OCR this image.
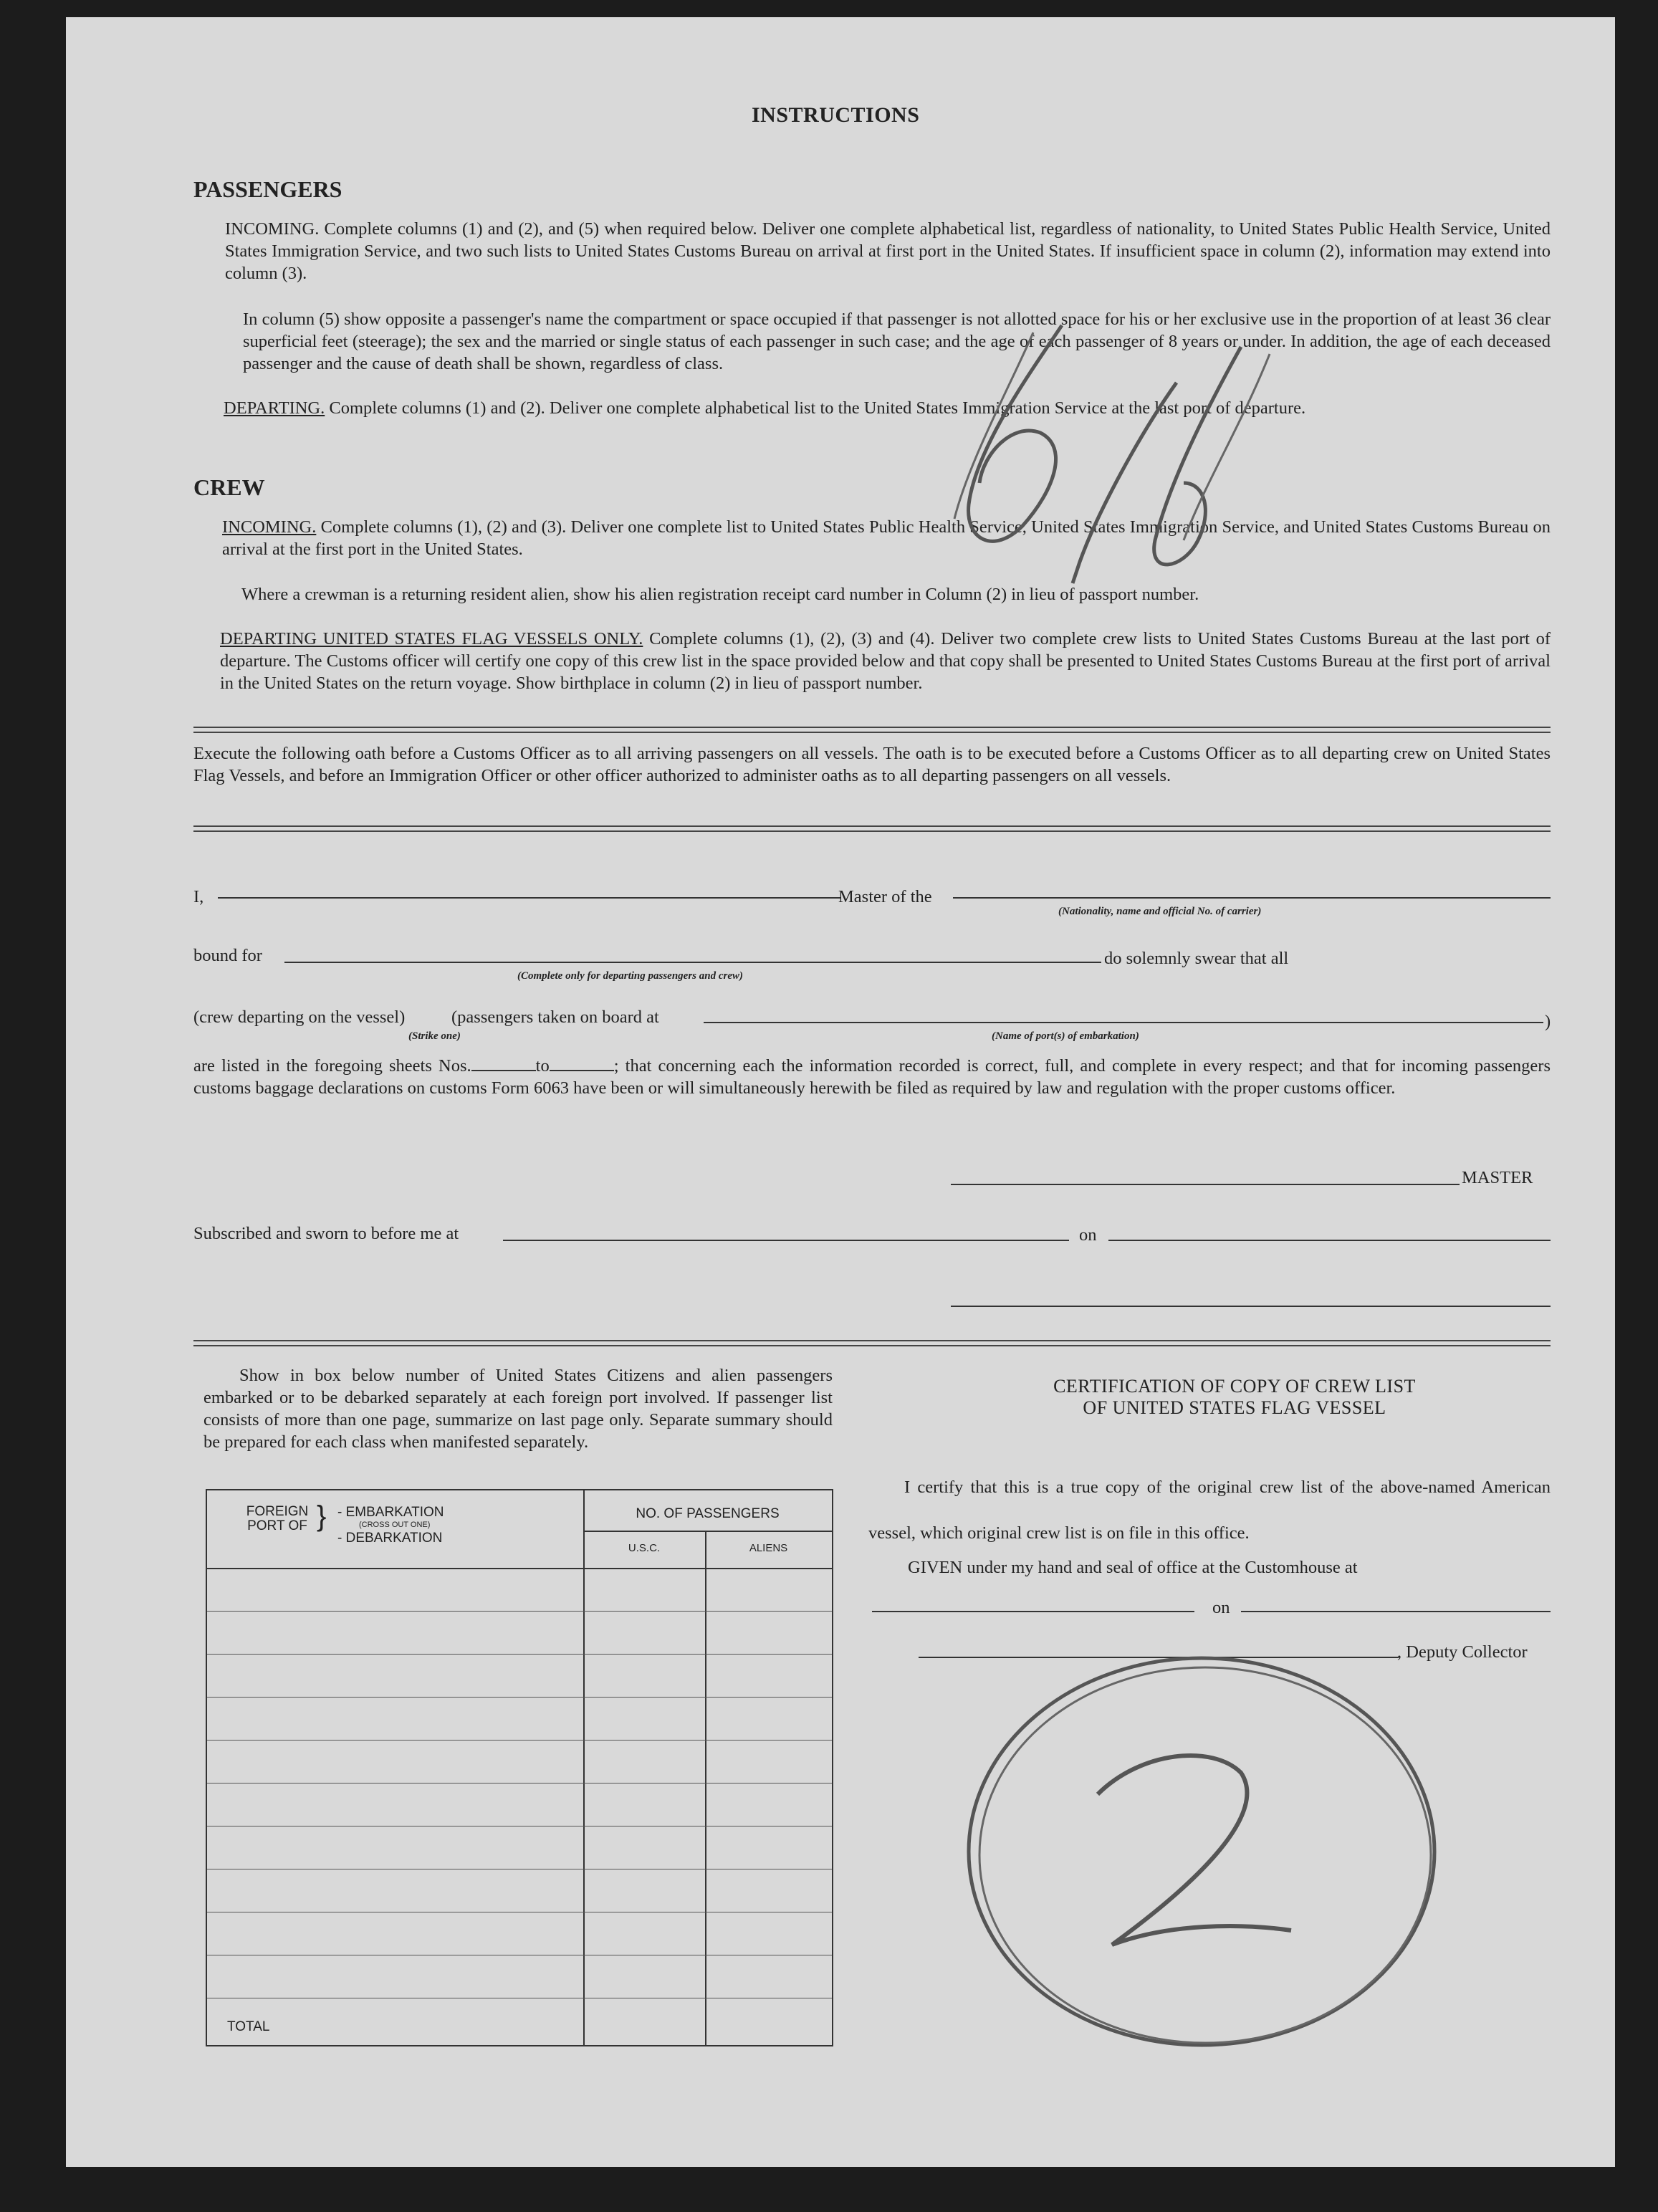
INSTRUCTIONS
PASSENGERS
INCOMING. Complete columns (1) and (2), and (5) when required below. Deliver one complete alphabetical list, regardless of nationality, to United States Public Health Service, United States Immigration Service, and two such lists to United States Customs Bureau on arrival at first port in the United States. If insufficient space in column (2), information may extend into column (3).
In column (5) show opposite a passenger's name the compartment or space occupied if that passenger is not allotted space for his or her exclusive use in the proportion of at least 36 clear superficial feet (steerage); the sex and the married or single status of each passenger in such case; and the age of each passenger of 8 years or under. In addition, the age of each deceased passenger and the cause of death shall be shown, regardless of class.
DEPARTING. Complete columns (1) and (2). Deliver one complete alphabetical list to the United States Immigration Service at the last port of departure.
CREW
INCOMING. Complete columns (1), (2) and (3). Deliver one complete list to United States Public Health Service, United States Immigration Service, and United States Customs Bureau on arrival at the first port in the United States.
Where a crewman is a returning resident alien, show his alien registration receipt card number in Column (2) in lieu of passport number.
DEPARTING UNITED STATES FLAG VESSELS ONLY. Complete columns (1), (2), (3) and (4). Deliver two complete crew lists to United States Customs Bureau at the last port of departure. The Customs officer will certify one copy of this crew list in the space provided below and that copy shall be presented to United States Customs Bureau at the first port of arrival in the United States on the return voyage. Show birthplace in column (2) in lieu of passport number.
Execute the following oath before a Customs Officer as to all arriving passengers on all vessels. The oath is to be executed before a Customs Officer as to all departing crew on United States Flag Vessels, and before an Immigration Officer or other officer authorized to administer oaths as to all departing passengers on all vessels.
I,	Master of the
(Nationality, name and official No. of carrier)
bound for
(Complete only for departing passengers and crew)
do solemnly swear that all
(crew departing on the vessel)	(passengers taken on board at	)
(Strike one)	(Name of port(s) of embarkation)
are listed in the foregoing sheets Nos.	to	; that concerning each the information recorded is correct, full, and complete in every respect; and that for incoming passengers customs baggage declarations on customs Form 6063 have been or will simultaneously herewith be filed as required by law and regulation with the proper customs officer.
MASTER
Subscribed and sworn to before me at	on
Show in box below number of United States Citizens and alien passengers embarked or to be debarked separately at each foreign port involved. If passenger list consists of more than one page, summarize on last page only. Separate summary should be prepared for each class when manifested separately.
FOREIGN PORT OF } - EMBARKATION
(CROSS OUT ONE)
- DEBARKATION
NO. OF PASSENGERS
U.S.C.	ALIENS
TOTAL
CERTIFICATION OF COPY OF CREW LIST
OF UNITED STATES FLAG VESSEL
I certify that this is a true copy of the original crew list of the above-named American vessel, which original crew list is on file in this office.
GIVEN under my hand and seal of office at the Customhouse at
on
, Deputy Collector
